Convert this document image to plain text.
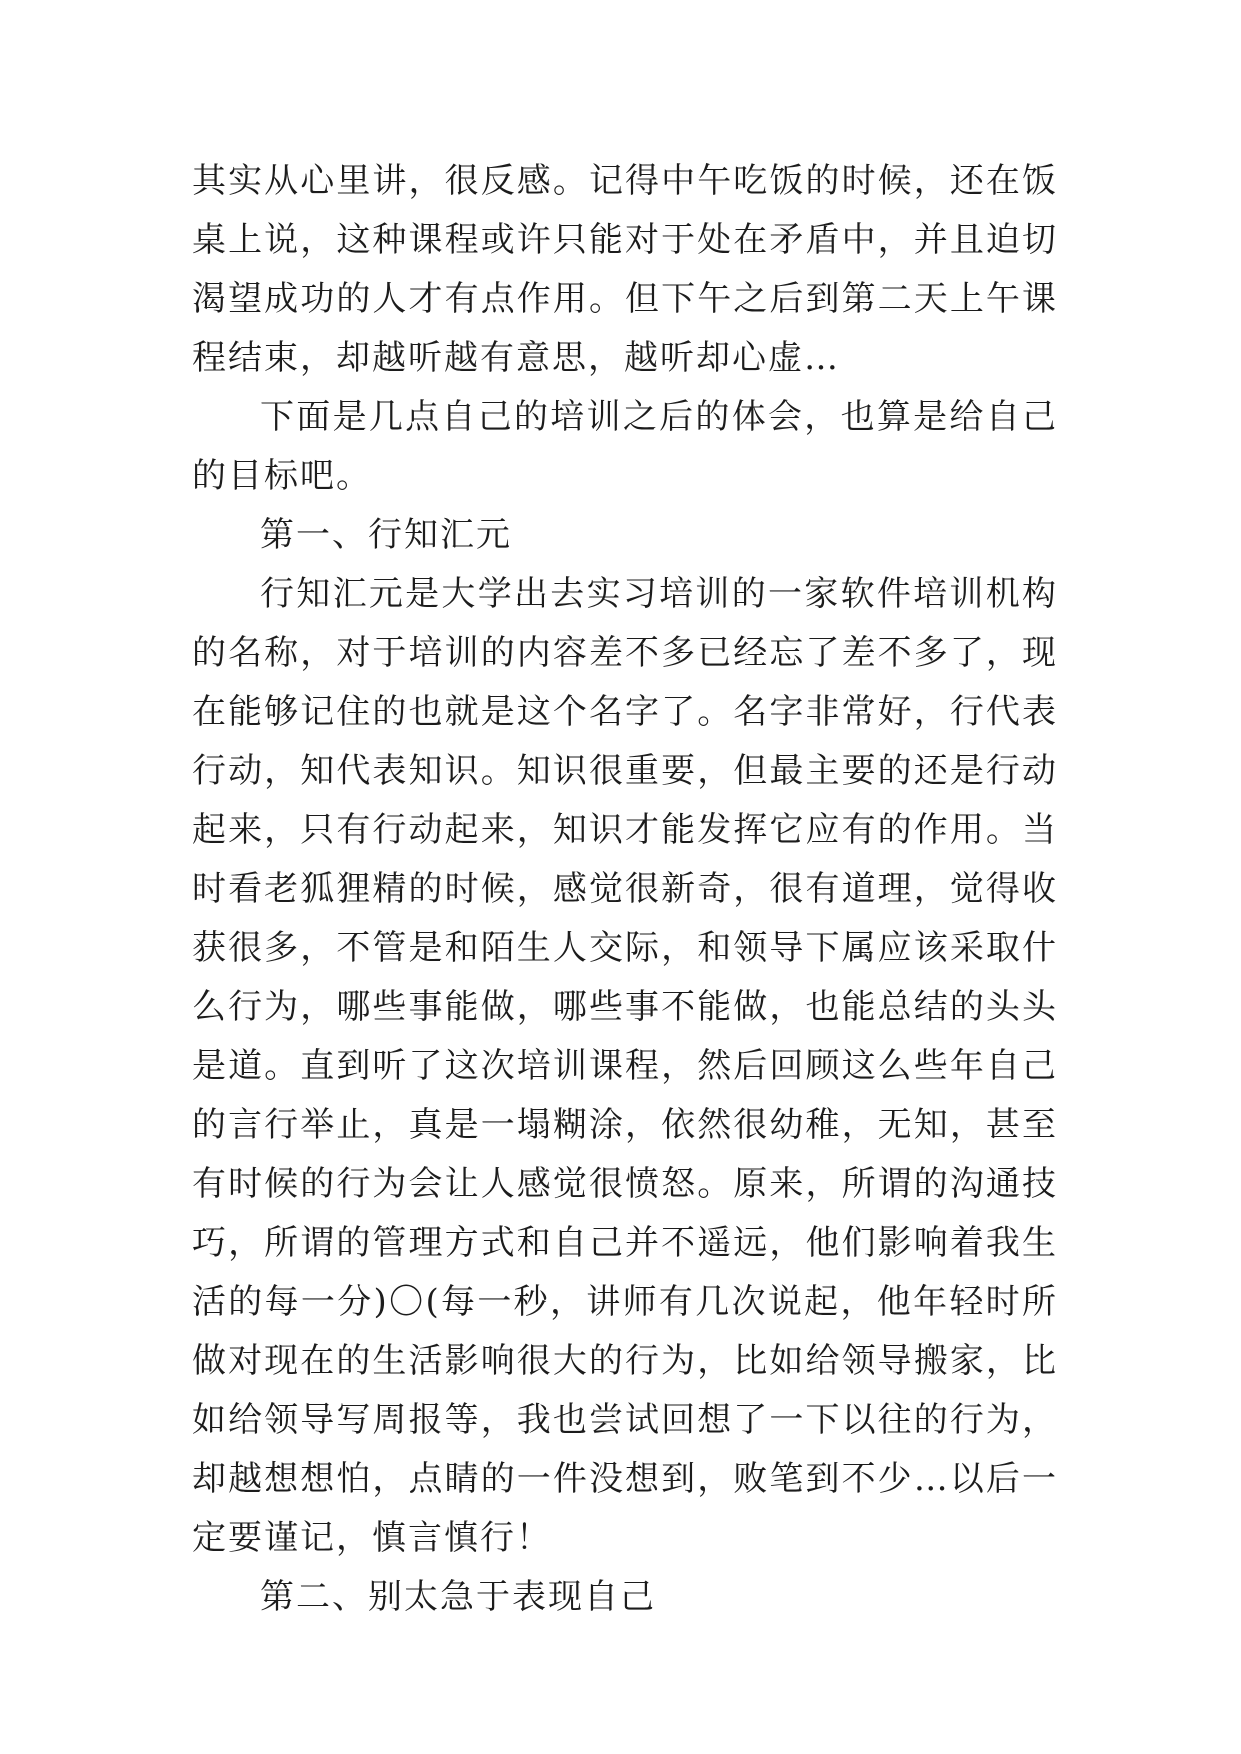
其实从心里讲，很反感。记得中午吃饭的时候，还在饭桌上说，这种课程或许只能对于处在矛盾中，并且迫切渴望成功的人才有点作用。但下午之后到第二天上午课程结束，却越听越有意思，越听却心虚…

下面是几点自己的培训之后的体会，也算是给自己的目标吧。

第一、行知汇元

行知汇元是大学出去实习培训的一家软件培训机构的名称，对于培训的内容差不多已经忘了差不多了，现在能够记住的也就是这个名字了。名字非常好，行代表行动，知代表知识。知识很重要，但最主要的还是行动起来，只有行动起来，知识才能发挥它应有的作用。当时看老狐狸精的时候，感觉很新奇，很有道理，觉得收获很多，不管是和陌生人交际，和领导下属应该采取什么行为，哪些事能做，哪些事不能做，也能总结的头头是道。直到听了这次培训课程，然后回顾这么些年自己的言行举止，真是一塌糊涂，依然很幼稚，无知，甚至有时候的行为会让人感觉很愤怒。原来，所谓的沟通技巧，所谓的管理方式和自己并不遥远，他们影响着我生活的每一分)〇(每一秒，讲师有几次说起，他年轻时所做对现在的生活影响很大的行为，比如给领导搬家，比如给领导写周报等，我也尝试回想了一下以往的行为，却越想想怕，点睛的一件没想到，败笔到不少…以后一定要谨记，慎言慎行！

第二、别太急于表现自己
